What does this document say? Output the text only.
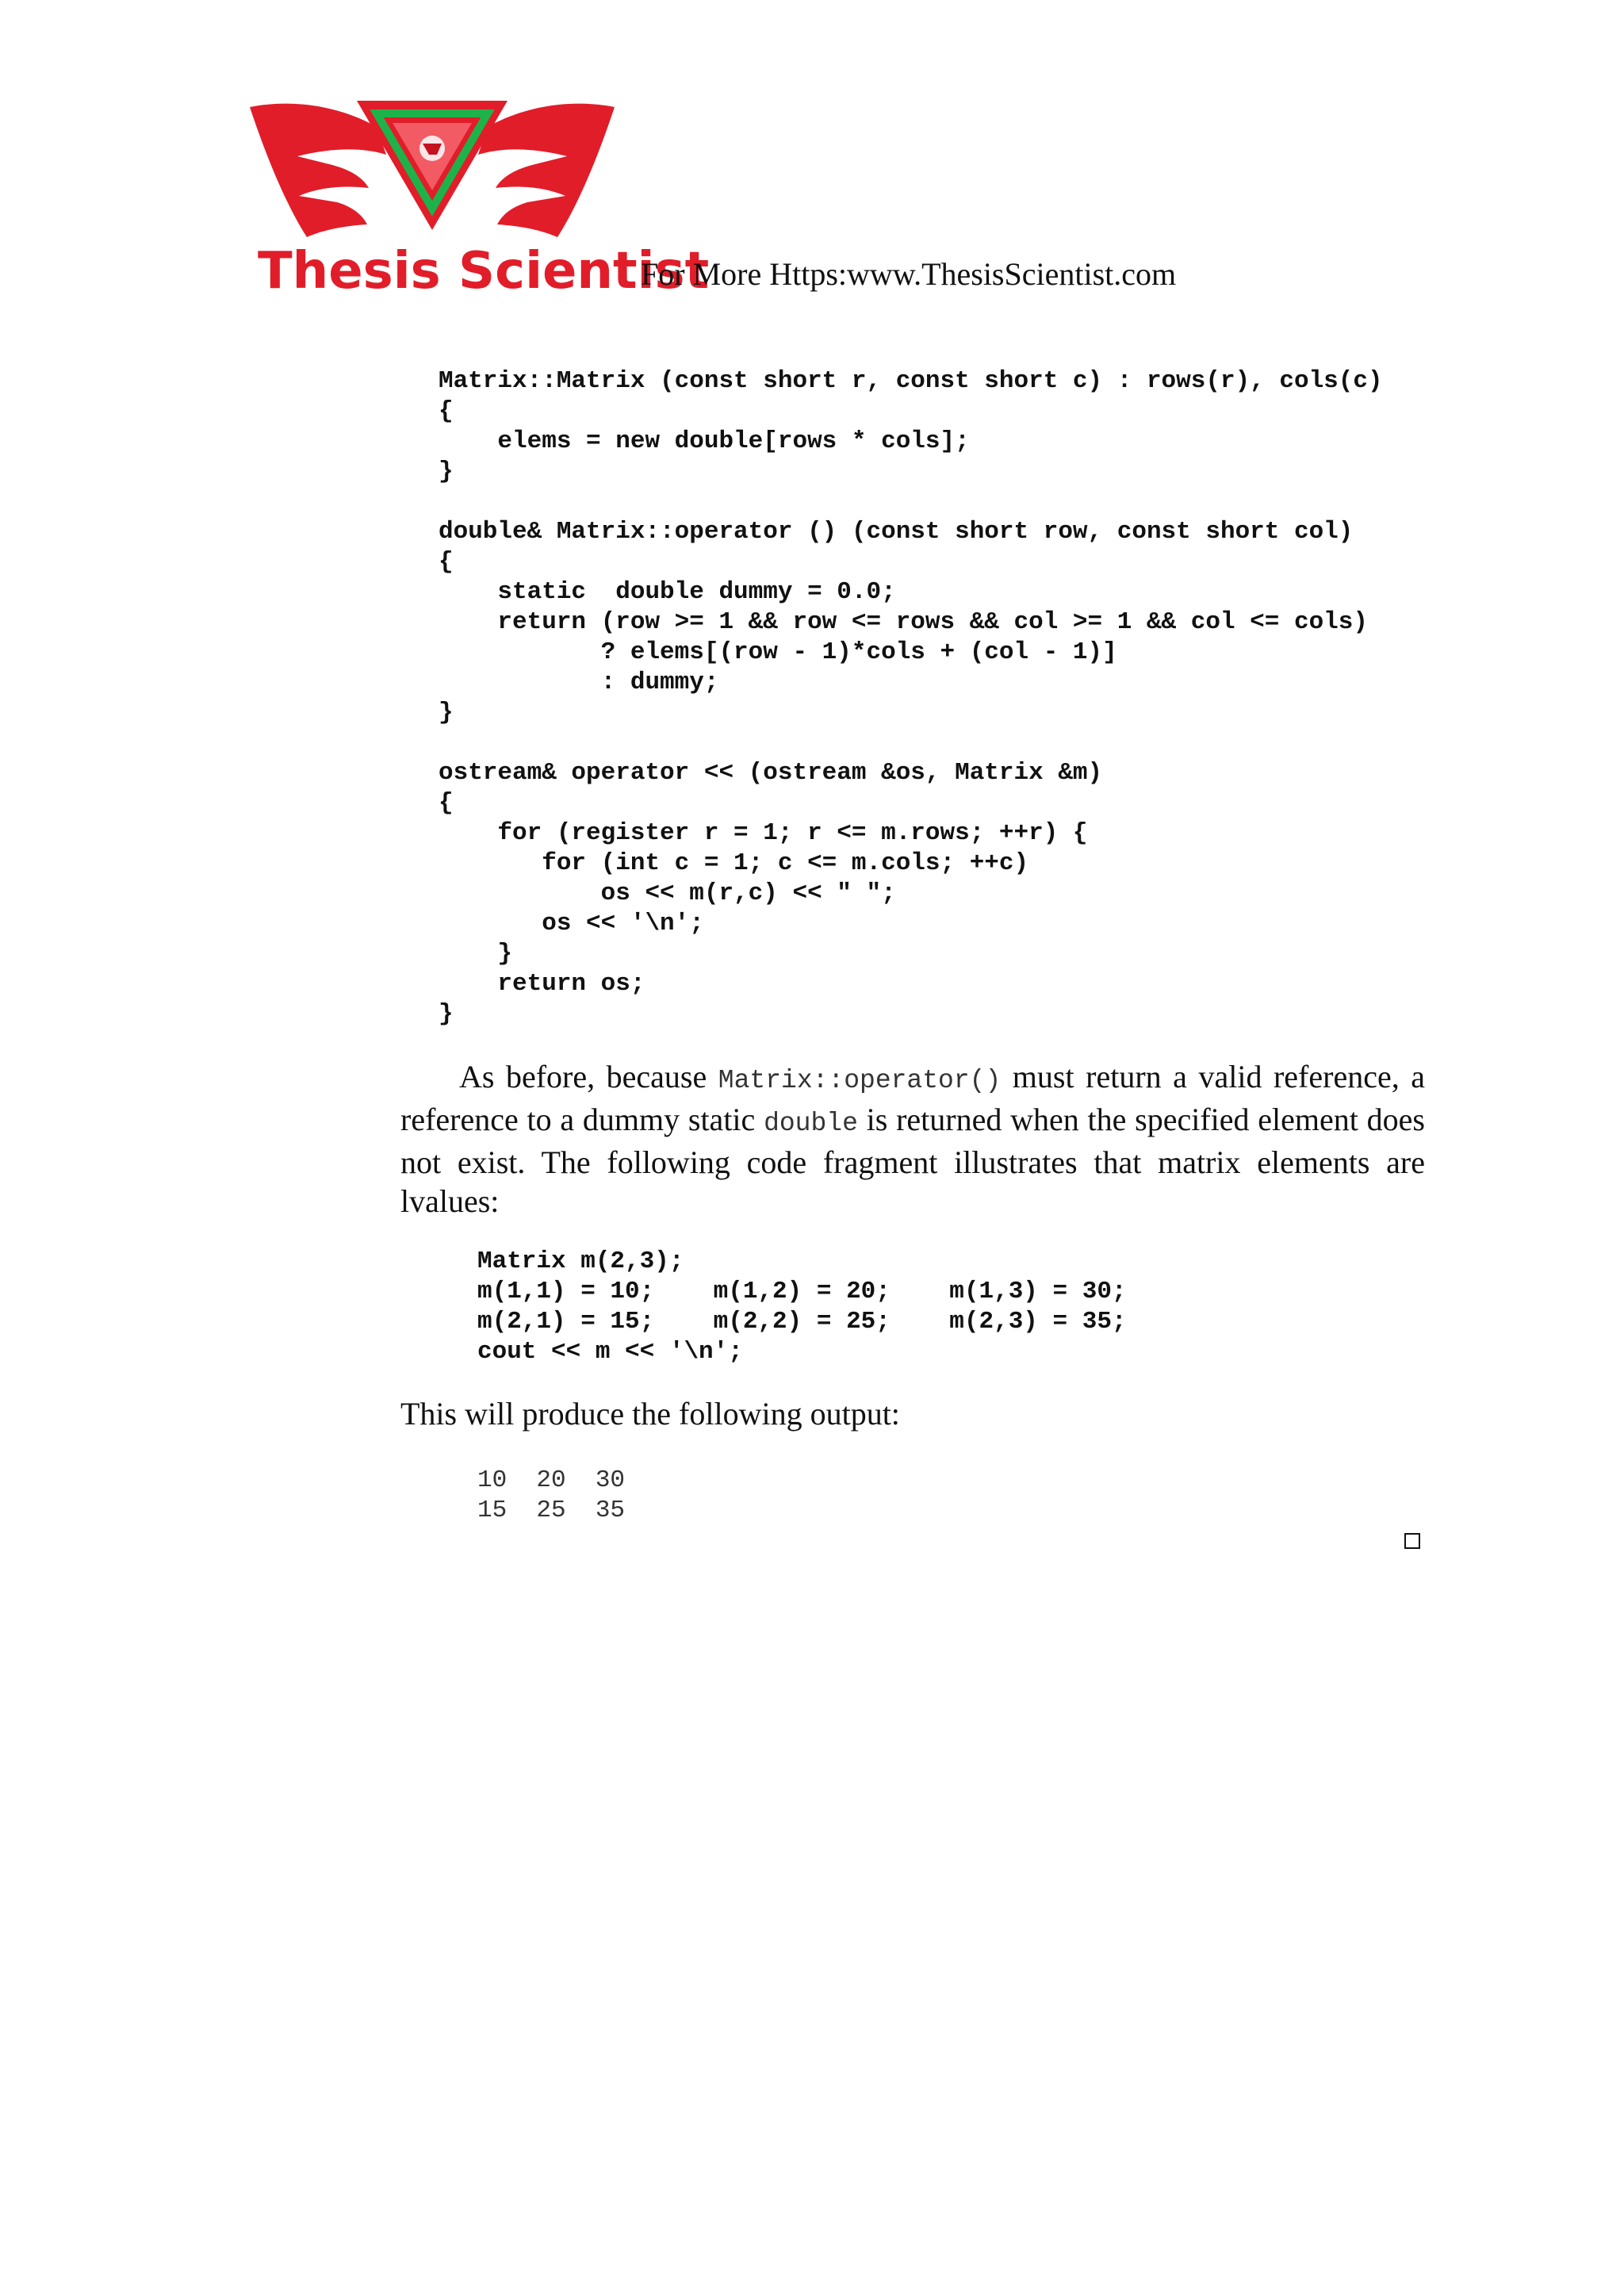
Thesis Scientist
For More Https:www.ThesisScientist.com
Matrix::Matrix (const short r, const short c) : rows(r), cols(c)
{
elems = new double[rows * cols];
}
double& Matrix::operator () (const short row, const short col)
{
static  double dummy = 0.0;
return (row >= 1 && row <= rows && col >= 1 && col <= cols)
? elems[(row - 1)*cols + (col - 1)]
: dummy;
}
ostream& operator << (ostream &os, Matrix &m)
{
for (register r = 1; r <= m.rows; ++r) {
for (int c = 1; c <= m.cols; ++c)
os << m(r,c) << " ";
os << '\n';
}
return os;
}

As before, because Matrix::operator() must return a valid reference, a reference to a dummy static double is returned when the specified element does not exist. The following code fragment illustrates that matrix elements are lvalues:

Matrix m(2,3);
m(1,1) = 10;    m(1,2) = 20;    m(1,3) = 30;
m(2,1) = 15;    m(2,2) = 25;    m(2,3) = 35;
cout << m << '\n';

This will produce the following output:

10  20  30
15  25  35
